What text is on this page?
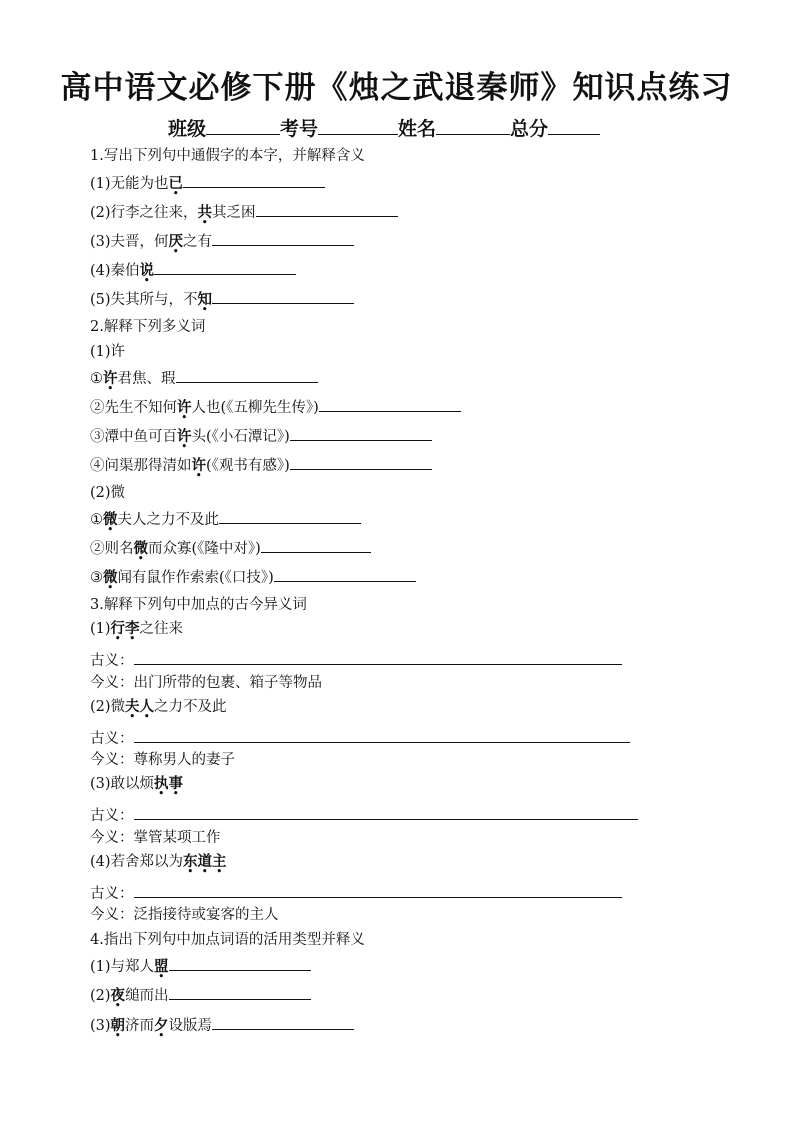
高中语文必修下册《烛之武退秦师》知识点练习
班级	考号	姓名	总分
1.写出下列句中通假字的本字，并解释含义
(1)无能为也已
(2)行李之往来，共其乏困
(3)夫晋，何厌之有
(4)秦伯说
(5)失其所与，不知
2.解释下列多义词
(1)许
①许君焦、瑕
②先生不知何许人也(《五柳先生传》)
③潭中鱼可百许头(《小石潭记》)
④问渠那得清如许(《观书有感》)
(2)微
①微夫人之力不及此
②则名微而众寡(《隆中对》)
③微闻有鼠作作索索(《口技》)
3.解释下列句中加点的古今异义词
(1)行李之往来
古义：
今义：出门所带的包裹、箱子等物品
(2)微夫人之力不及此
古义：
今义：尊称男人的妻子
(3)敢以烦执事
古义：
今义：掌管某项工作
(4)若舍郑以为东道主
古义：
今义：泛指接待或宴客的主人
4.指出下列句中加点词语的活用类型并释义
(1)与郑人盟
(2)夜缒而出
(3)朝济而夕设版焉
